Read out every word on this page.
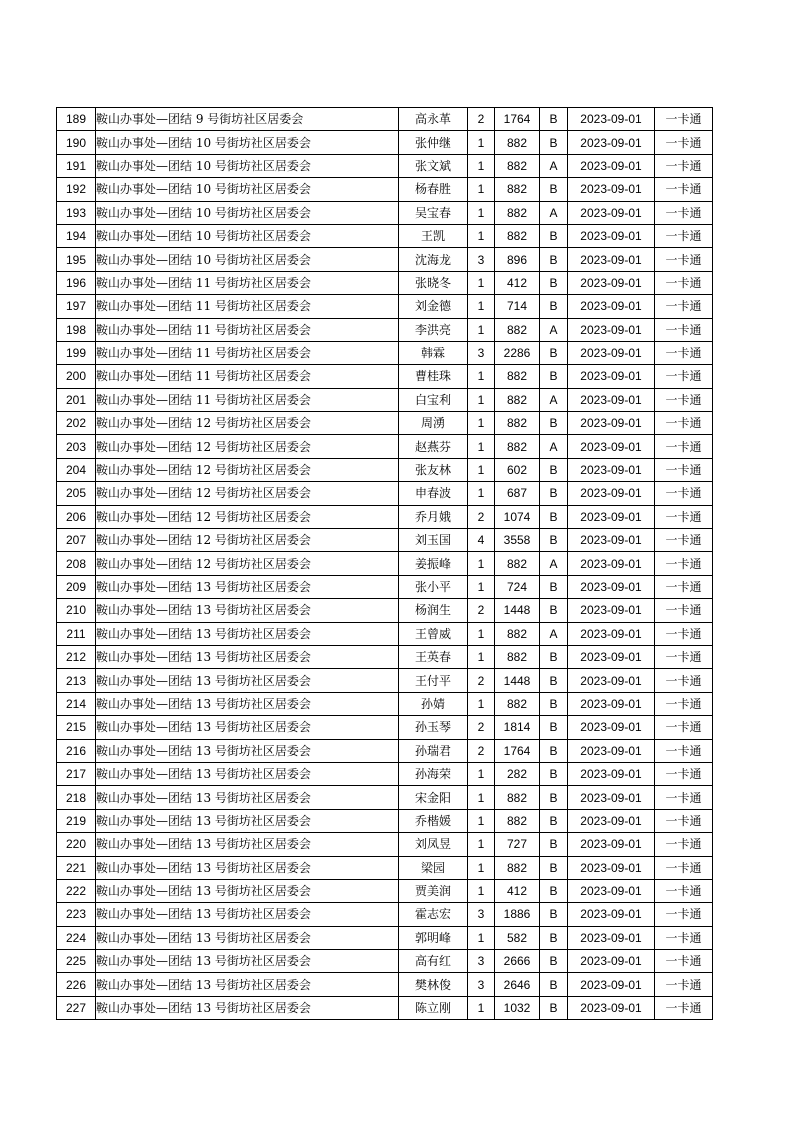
189	鞍山办事处—团结 9 号街坊社区居委会	高永革	2	1764	B	2023-09-01	一卡通
190	鞍山办事处—团结 10 号街坊社区居委会	张仲继	1	882	B	2023-09-01	一卡通
191	鞍山办事处—团结 10 号街坊社区居委会	张文斌	1	882	A	2023-09-01	一卡通
192	鞍山办事处—团结 10 号街坊社区居委会	杨春胜	1	882	B	2023-09-01	一卡通
193	鞍山办事处—团结 10 号街坊社区居委会	吴宝春	1	882	A	2023-09-01	一卡通
194	鞍山办事处—团结 10 号街坊社区居委会	王凯	1	882	B	2023-09-01	一卡通
195	鞍山办事处—团结 10 号街坊社区居委会	沈海龙	3	896	B	2023-09-01	一卡通
196	鞍山办事处—团结 11 号街坊社区居委会	张晓冬	1	412	B	2023-09-01	一卡通
197	鞍山办事处—团结 11 号街坊社区居委会	刘金德	1	714	B	2023-09-01	一卡通
198	鞍山办事处—团结 11 号街坊社区居委会	李洪亮	1	882	A	2023-09-01	一卡通
199	鞍山办事处—团结 11 号街坊社区居委会	韩霖	3	2286	B	2023-09-01	一卡通
200	鞍山办事处—团结 11 号街坊社区居委会	曹桂珠	1	882	B	2023-09-01	一卡通
201	鞍山办事处—团结 11 号街坊社区居委会	白宝利	1	882	A	2023-09-01	一卡通
202	鞍山办事处—团结 12 号街坊社区居委会	周湧	1	882	B	2023-09-01	一卡通
203	鞍山办事处—团结 12 号街坊社区居委会	赵燕芬	1	882	A	2023-09-01	一卡通
204	鞍山办事处—团结 12 号街坊社区居委会	张友林	1	602	B	2023-09-01	一卡通
205	鞍山办事处—团结 12 号街坊社区居委会	申春波	1	687	B	2023-09-01	一卡通
206	鞍山办事处—团结 12 号街坊社区居委会	乔月娥	2	1074	B	2023-09-01	一卡通
207	鞍山办事处—团结 12 号街坊社区居委会	刘玉国	4	3558	B	2023-09-01	一卡通
208	鞍山办事处—团结 12 号街坊社区居委会	姜振峰	1	882	A	2023-09-01	一卡通
209	鞍山办事处—团结 13 号街坊社区居委会	张小平	1	724	B	2023-09-01	一卡通
210	鞍山办事处—团结 13 号街坊社区居委会	杨润生	2	1448	B	2023-09-01	一卡通
211	鞍山办事处—团结 13 号街坊社区居委会	王曾威	1	882	A	2023-09-01	一卡通
212	鞍山办事处—团结 13 号街坊社区居委会	王英春	1	882	B	2023-09-01	一卡通
213	鞍山办事处—团结 13 号街坊社区居委会	王付平	2	1448	B	2023-09-01	一卡通
214	鞍山办事处—团结 13 号街坊社区居委会	孙婧	1	882	B	2023-09-01	一卡通
215	鞍山办事处—团结 13 号街坊社区居委会	孙玉琴	2	1814	B	2023-09-01	一卡通
216	鞍山办事处—团结 13 号街坊社区居委会	孙瑞君	2	1764	B	2023-09-01	一卡通
217	鞍山办事处—团结 13 号街坊社区居委会	孙海荣	1	282	B	2023-09-01	一卡通
218	鞍山办事处—团结 13 号街坊社区居委会	宋金阳	1	882	B	2023-09-01	一卡通
219	鞍山办事处—团结 13 号街坊社区居委会	乔楷媛	1	882	B	2023-09-01	一卡通
220	鞍山办事处—团结 13 号街坊社区居委会	刘凤昱	1	727	B	2023-09-01	一卡通
221	鞍山办事处—团结 13 号街坊社区居委会	梁园	1	882	B	2023-09-01	一卡通
222	鞍山办事处—团结 13 号街坊社区居委会	贾美润	1	412	B	2023-09-01	一卡通
223	鞍山办事处—团结 13 号街坊社区居委会	霍志宏	3	1886	B	2023-09-01	一卡通
224	鞍山办事处—团结 13 号街坊社区居委会	郭明峰	1	582	B	2023-09-01	一卡通
225	鞍山办事处—团结 13 号街坊社区居委会	高有红	3	2666	B	2023-09-01	一卡通
226	鞍山办事处—团结 13 号街坊社区居委会	樊林俊	3	2646	B	2023-09-01	一卡通
227	鞍山办事处—团结 13 号街坊社区居委会	陈立刚	1	1032	B	2023-09-01	一卡通
